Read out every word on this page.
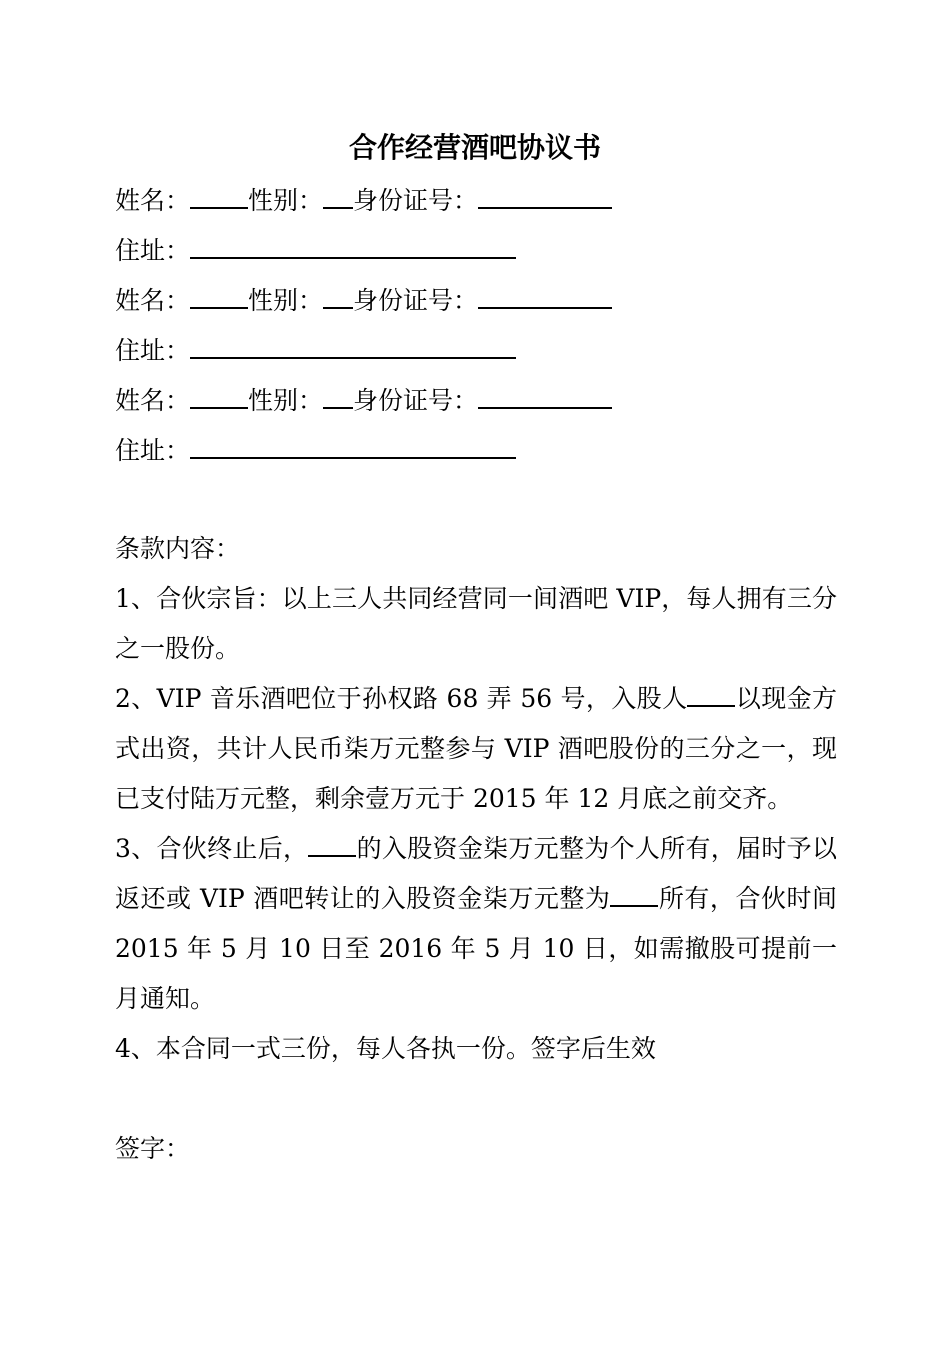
合作经营酒吧协议书
姓名： 性别： 身份证号：
住址：
姓名： 性别： 身份证号：
住址：
姓名： 性别： 身份证号：
住址：
条款内容：
1、合伙宗旨：以上三人共同经营同一间酒吧 VIP，每人拥有三分之一股份。
2、VIP 音乐酒吧位于孙权路 68 弄 56 号，入股人 以现金方式出资，共计人民币柒万元整参与 VIP 酒吧股份的三分之一，现已支付陆万元整，剩余壹万元于 2015 年 12 月底之前交齐。
3、合伙终止后， 的入股资金柒万元整为个人所有，届时予以返还或 VIP 酒吧转让的入股资金柒万元整为 所有，合伙时间 2015 年 5 月 10 日至 2016 年 5 月 10 日，如需撤股可提前一月通知。
4、本合同一式三份，每人各执一份。签字后生效
签字：
